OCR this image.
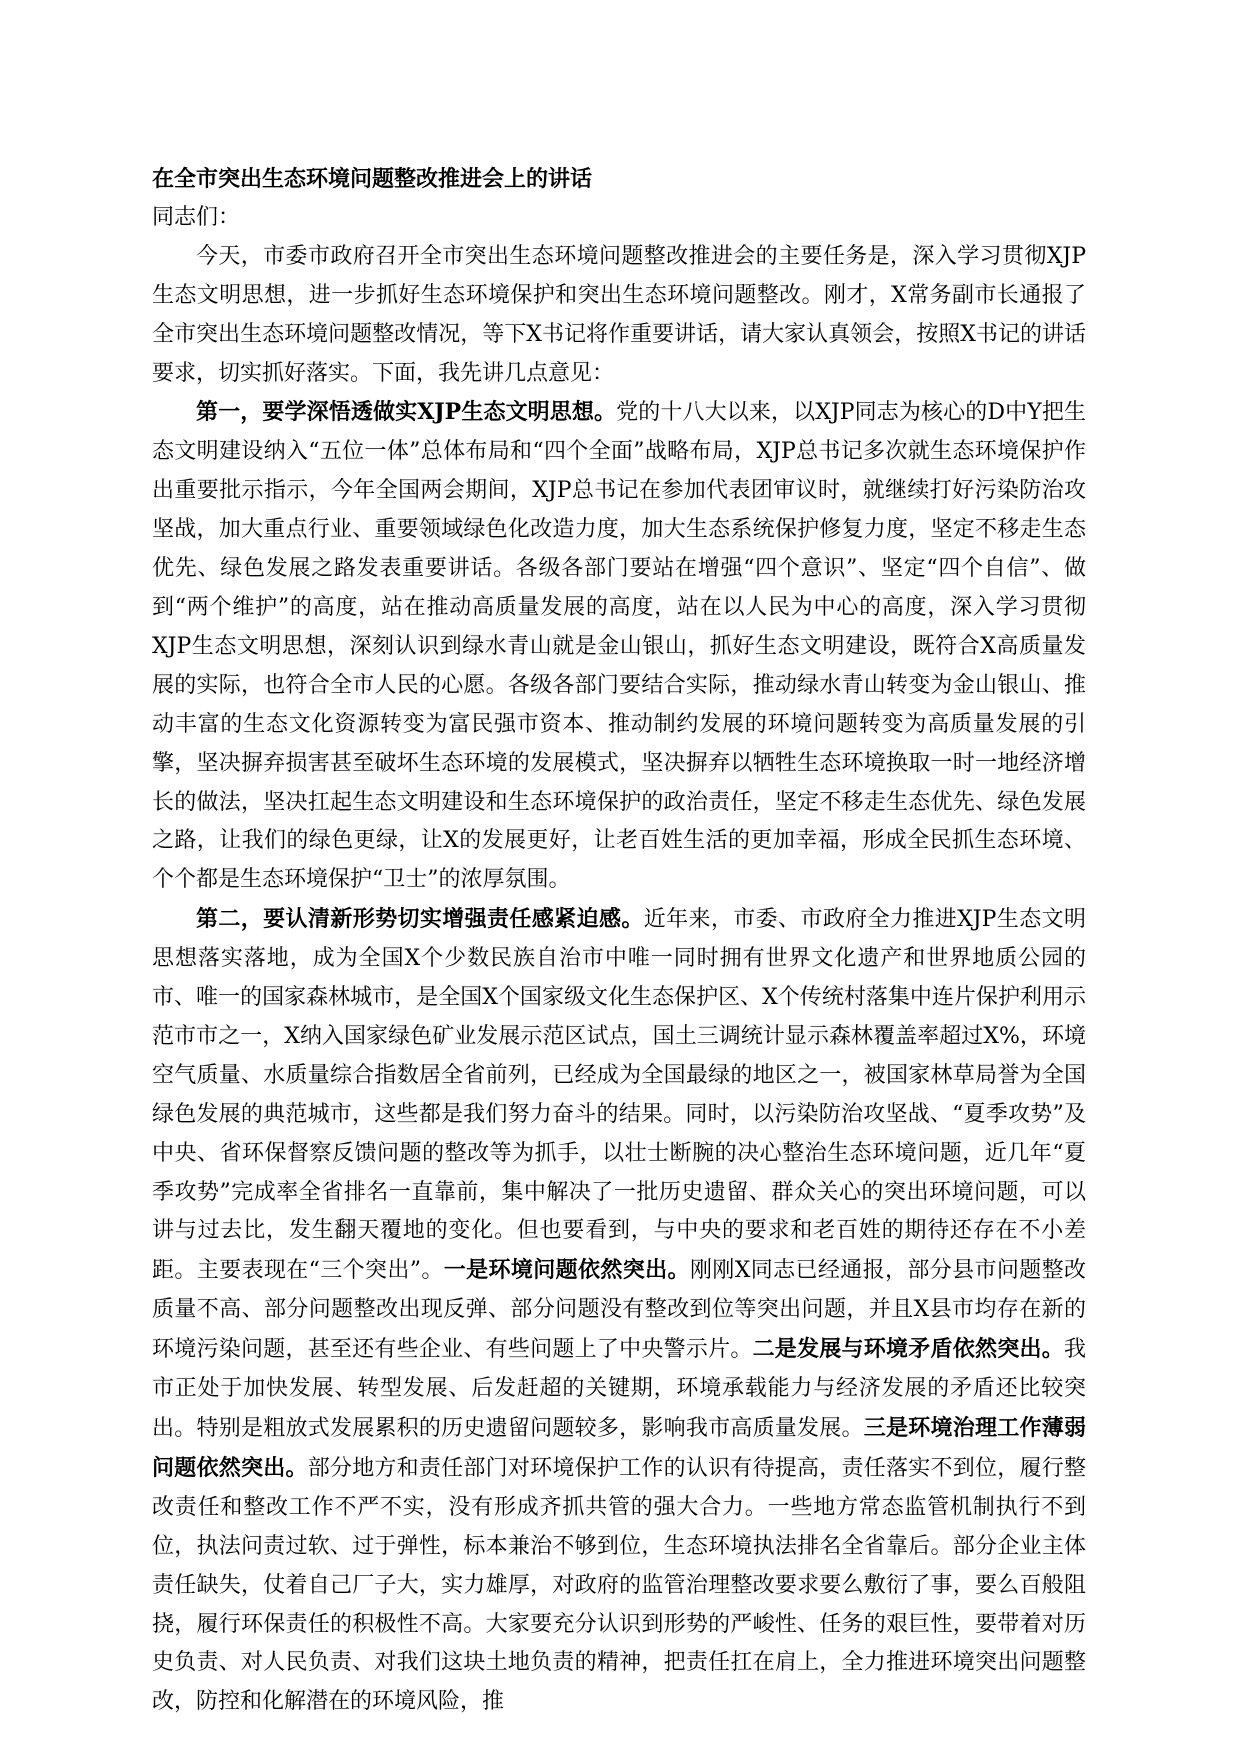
在全市突出生态环境问题整改推进会上的讲话

同志们：

今天，市委市政府召开全市突出生态环境问题整改推进会的主要任务是，深入学习贯彻XJP生态文明思想，进一步抓好生态环境保护和突出生态环境问题整改。刚才，X常务副市长通报了全市突出生态环境问题整改情况，等下X书记将作重要讲话，请大家认真领会，按照X书记的讲话要求，切实抓好落实。下面，我先讲几点意见：

第一，要学深悟透做实XJP生态文明思想。党的十八大以来，以XJP同志为核心的D中Y把生态文明建设纳入“五位一体”总体布局和“四个全面”战略布局，XJP总书记多次就生态环境保护作出重要批示指示，今年全国两会期间，XJP总书记在参加代表团审议时，就继续打好污染防治攻坚战，加大重点行业、重要领域绿色化改造力度，加大生态系统保护修复力度，坚定不移走生态优先、绿色发展之路发表重要讲话。各级各部门要站在增强“四个意识”、坚定“四个自信”、做到“两个维护”的高度，站在推动高质量发展的高度，站在以人民为中心的高度，深入学习贯彻XJP生态文明思想，深刻认识到绿水青山就是金山银山，抓好生态文明建设，既符合X高质量发展的实际，也符合全市人民的心愿。各级各部门要结合实际，推动绿水青山转变为金山银山、推动丰富的生态文化资源转变为富民强市资本、推动制约发展的环境问题转变为高质量发展的引擎，坚决摒弃损害甚至破坏生态环境的发展模式，坚决摒弃以牺牲生态环境换取一时一地经济增长的做法，坚决扛起生态文明建设和生态环境保护的政治责任，坚定不移走生态优先、绿色发展之路，让我们的绿色更绿，让X的发展更好，让老百姓生活的更加幸福，形成全民抓生态环境、个个都是生态环境保护“卫士”的浓厚氛围。

第二，要认清新形势切实增强责任感紧迫感。近年来，市委、市政府全力推进XJP生态文明思想落实落地，成为全国X个少数民族自治市中唯一同时拥有世界文化遗产和世界地质公园的市、唯一的国家森林城市，是全国X个国家级文化生态保护区、X个传统村落集中连片保护利用示范市市之一，X纳入国家绿色矿业发展示范区试点，国土三调统计显示森林覆盖率超过X%，环境空气质量、水质量综合指数居全省前列，已经成为全国最绿的地区之一，被国家林草局誉为全国绿色发展的典范城市，这些都是我们努力奋斗的结果。同时，以污染防治攻坚战、“夏季攻势”及中央、省环保督察反馈问题的整改等为抓手，以壮士断腕的决心整治生态环境问题，近几年“夏季攻势”完成率全省排名一直靠前，集中解决了一批历史遗留、群众关心的突出环境问题，可以讲与过去比，发生翻天覆地的变化。但也要看到，与中央的要求和老百姓的期待还存在不小差距。主要表现在“三个突出”。一是环境问题依然突出。刚刚X同志已经通报，部分县市问题整改质量不高、部分问题整改出现反弹、部分问题没有整改到位等突出问题，并且X县市均存在新的环境污染问题，甚至还有些企业、有些问题上了中央警示片。二是发展与环境矛盾依然突出。我市正处于加快发展、转型发展、后发赶超的关键期，环境承载能力与经济发展的矛盾还比较突出。特别是粗放式发展累积的历史遗留问题较多，影响我市高质量发展。三是环境治理工作薄弱问题依然突出。部分地方和责任部门对环境保护工作的认识有待提高，责任落实不到位，履行整改责任和整改工作不严不实，没有形成齐抓共管的强大合力。一些地方常态监管机制执行不到位，执法问责过软、过于弹性，标本兼治不够到位，生态环境执法排名全省靠后。部分企业主体责任缺失，仗着自己厂子大，实力雄厚，对政府的监管治理整改要求要么敷衍了事，要么百般阻挠，履行环保责任的积极性不高。大家要充分认识到形势的严峻性、任务的艰巨性，要带着对历史负责、对人民负责、对我们这块土地负责的精神，把责任扛在肩上，全力推进环境突出问题整改，防控和化解潜在的环境风险，推
